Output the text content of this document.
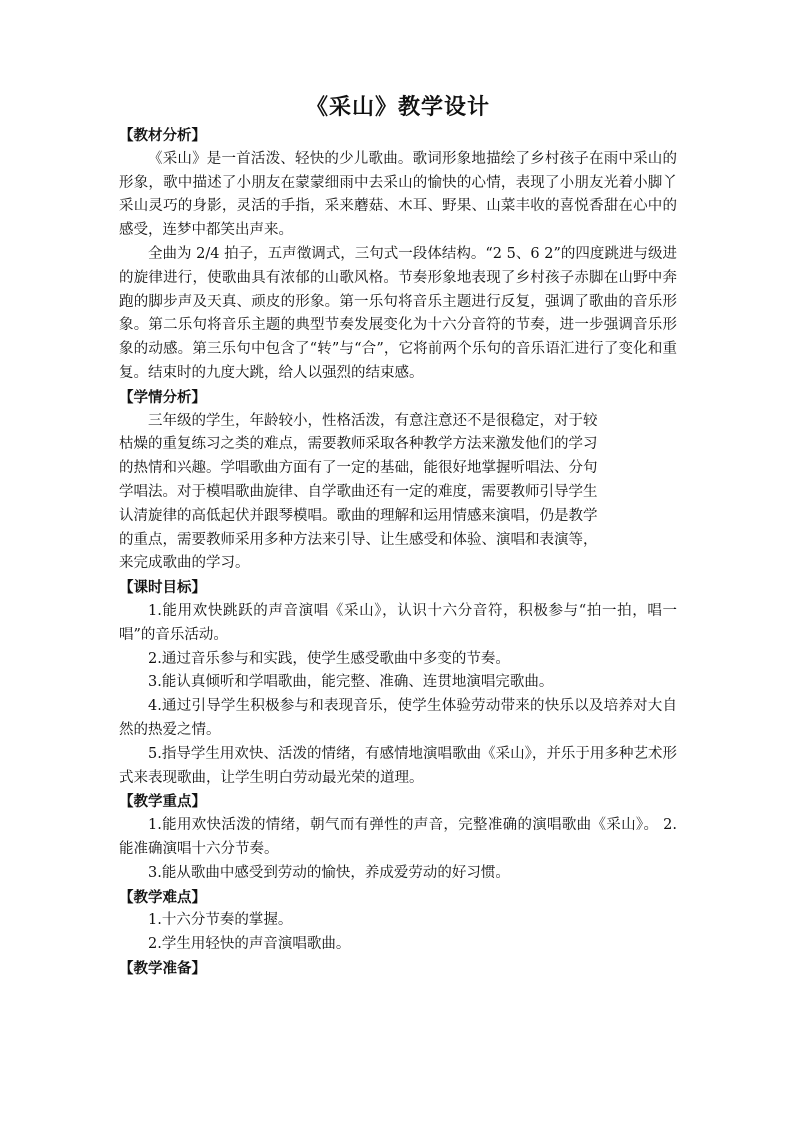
《采山》教学设计
【教材分析】

《采山》是一首活泼、轻快的少儿歌曲。歌词形象地描绘了乡村孩子在雨中采山的形象，歌中描述了小朋友在蒙蒙细雨中去采山的愉快的心情，表现了小朋友光着小脚丫采山灵巧的身影，灵活的手指，采来蘑菇、木耳、野果、山菜丰收的喜悦香甜在心中的感受，连梦中都笑出声来。

全曲为 2/4 拍子，五声徵调式，三句式一段体结构。“2 5、6 2”的四度跳进与级进的旋律进行，使歌曲具有浓郁的山歌风格。节奏形象地表现了乡村孩子赤脚在山野中奔跑的脚步声及天真、顽皮的形象。第一乐句将音乐主题进行反复，强调了歌曲的音乐形象。第二乐句将音乐主题的典型节奏发展变化为十六分音符的节奏，进一步强调音乐形象的动感。第三乐句中包含了“转”与“合”，它将前两个乐句的音乐语汇进行了变化和重复。结束时的九度大跳，给人以强烈的结束感。

【学情分析】
三年级的学生，年龄较小，性格活泼，有意注意还不是很稳定，对于较
枯燥的重复练习之类的难点，需要教师采取各种教学方法来激发他们的学习
的热情和兴趣。学唱歌曲方面有了一定的基础，能很好地掌握听唱法、分句
学唱法。对于模唱歌曲旋律、自学歌曲还有一定的难度，需要教师引导学生
认清旋律的高低起伏并跟琴模唱。歌曲的理解和运用情感来演唱，仍是教学
的重点，需要教师采用多种方法来引导、让生感受和体验、演唱和表演等，
来完成歌曲的学习。
【课时目标】

1.能用欢快跳跃的声音演唱《采山》，认识十六分音符，积极参与“拍一拍，唱一唱”的音乐活动。

2.通过音乐参与和实践，使学生感受歌曲中多变的节奏。

3.能认真倾听和学唱歌曲，能完整、准确、连贯地演唱完歌曲。

4.通过引导学生积极参与和表现音乐，使学生体验劳动带来的快乐以及培养对大自然的热爱之情。

5.指导学生用欢快、活泼的情绪，有感情地演唱歌曲《采山》，并乐于用多种艺术形式来表现歌曲，让学生明白劳动最光荣的道理。

【教学重点】

1.能用欢快活泼的情绪，朝气而有弹性的声音，完整准确的演唱歌曲《采山》。 2.能准确演唱十六分节奏。

3.能从歌曲中感受到劳动的愉快，养成爱劳动的好习惯。

【教学难点】

1.十六分节奏的掌握。

2.学生用轻快的声音演唱歌曲。

【教学准备】
